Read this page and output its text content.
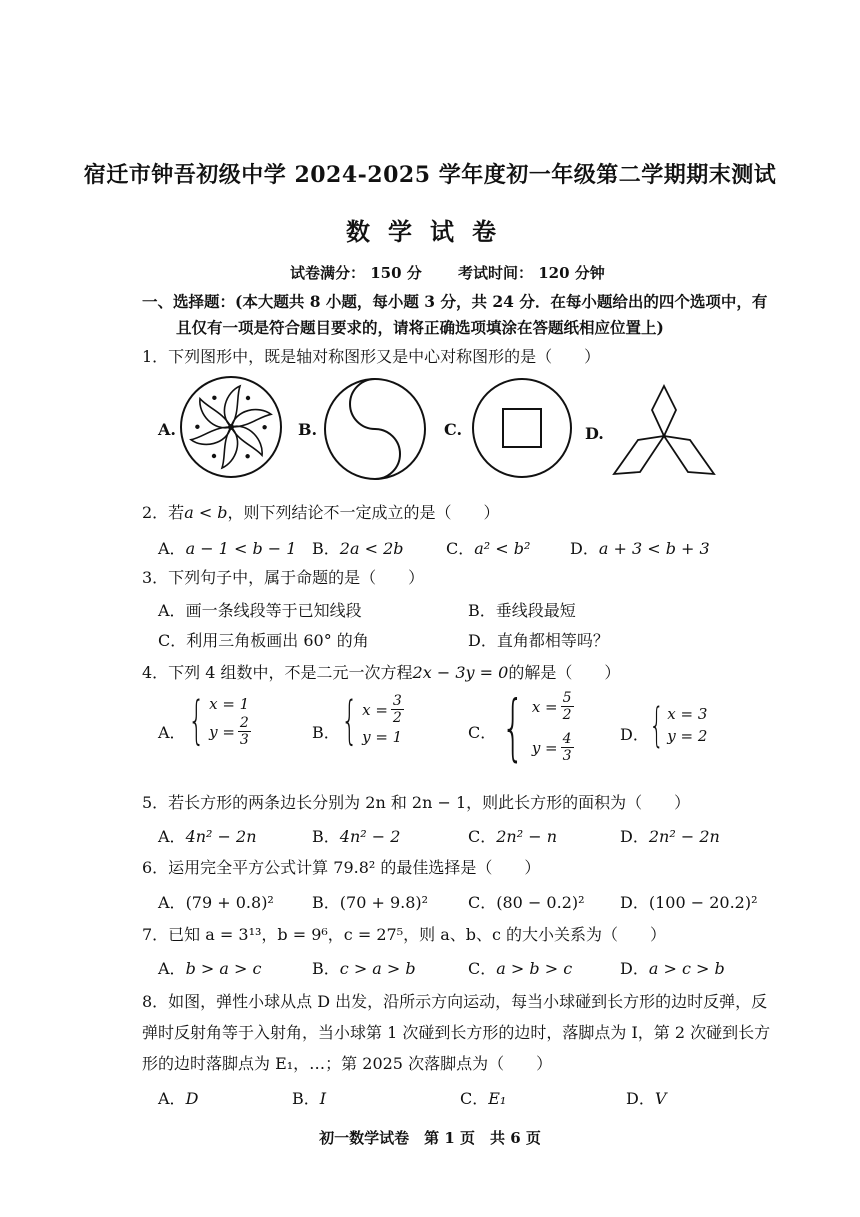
宿迁市钟吾初级中学 2024-2025 学年度初一年级第二学期期末测试
数学试卷
试卷满分： 150 分 考试时间： 120 分钟
一、选择题：(本大题共 8 小题，每小题 3 分，共 24 分．在每小题给出的四个选项中，有
且仅有一项是符合题目要求的，请将正确选项填涂在答题纸相应位置上)
1．下列图形中，既是轴对称图形又是中心对称图形的是（　　）
A.	B.	C.	D.
2．若a < b，则下列结论不一定成立的是（　　）
A．a − 1 < b − 1 B．2a < 2b	C．a² < b² D．a + 3 < b + 3
3．下列句子中，属于命题的是（　　）
A．画一条线段等于已知线段	B．垂线段最短
C．利用三角板画出 60° 的角	D．直角都相等吗？
4．下列 4 组数中，不是二元一次方程2x − 3y = 0的解是（　　）
A． { x = 1
$y = \frac{2}{3}$	B． { $x = \frac{3}{2}$
y = 1	C． { $x = \frac{5}{2}$
$y = \frac{4}{3}$	D． { x = 3
y = 2
5．若长方形的两条边长分别为 2n 和 2n − 1，则此长方形的面积为（　　）
A．4n² − 2n	B．4n² − 2	C．2n² − n	D．2n² − 2n
6．运用完全平方公式计算 79.8² 的最佳选择是（　　）
A．(79 + 0.8)² B．(70 + 9.8)² C．(80 − 0.2)² D．(100 − 20.2)²
7．已知 a = 3¹³，b = 9⁶，c = 27⁵，则 a、b、c 的大小关系为（　　）
A．b > a > c	B．c > a > b	C．a > b > c	D．a > c > b
8．如图，弹性小球从点 D 出发，沿所示方向运动，每当小球碰到长方形的边时反弹，反
弹时反射角等于入射角，当小球第 1 次碰到长方形的边时，落脚点为 I，第 2 次碰到长方
形的边时落脚点为 E₁，…；第 2025 次落脚点为（　　）
A．D	B．I	C．E₁	D．V
初一数学试卷　第 1 页　共 6 页
